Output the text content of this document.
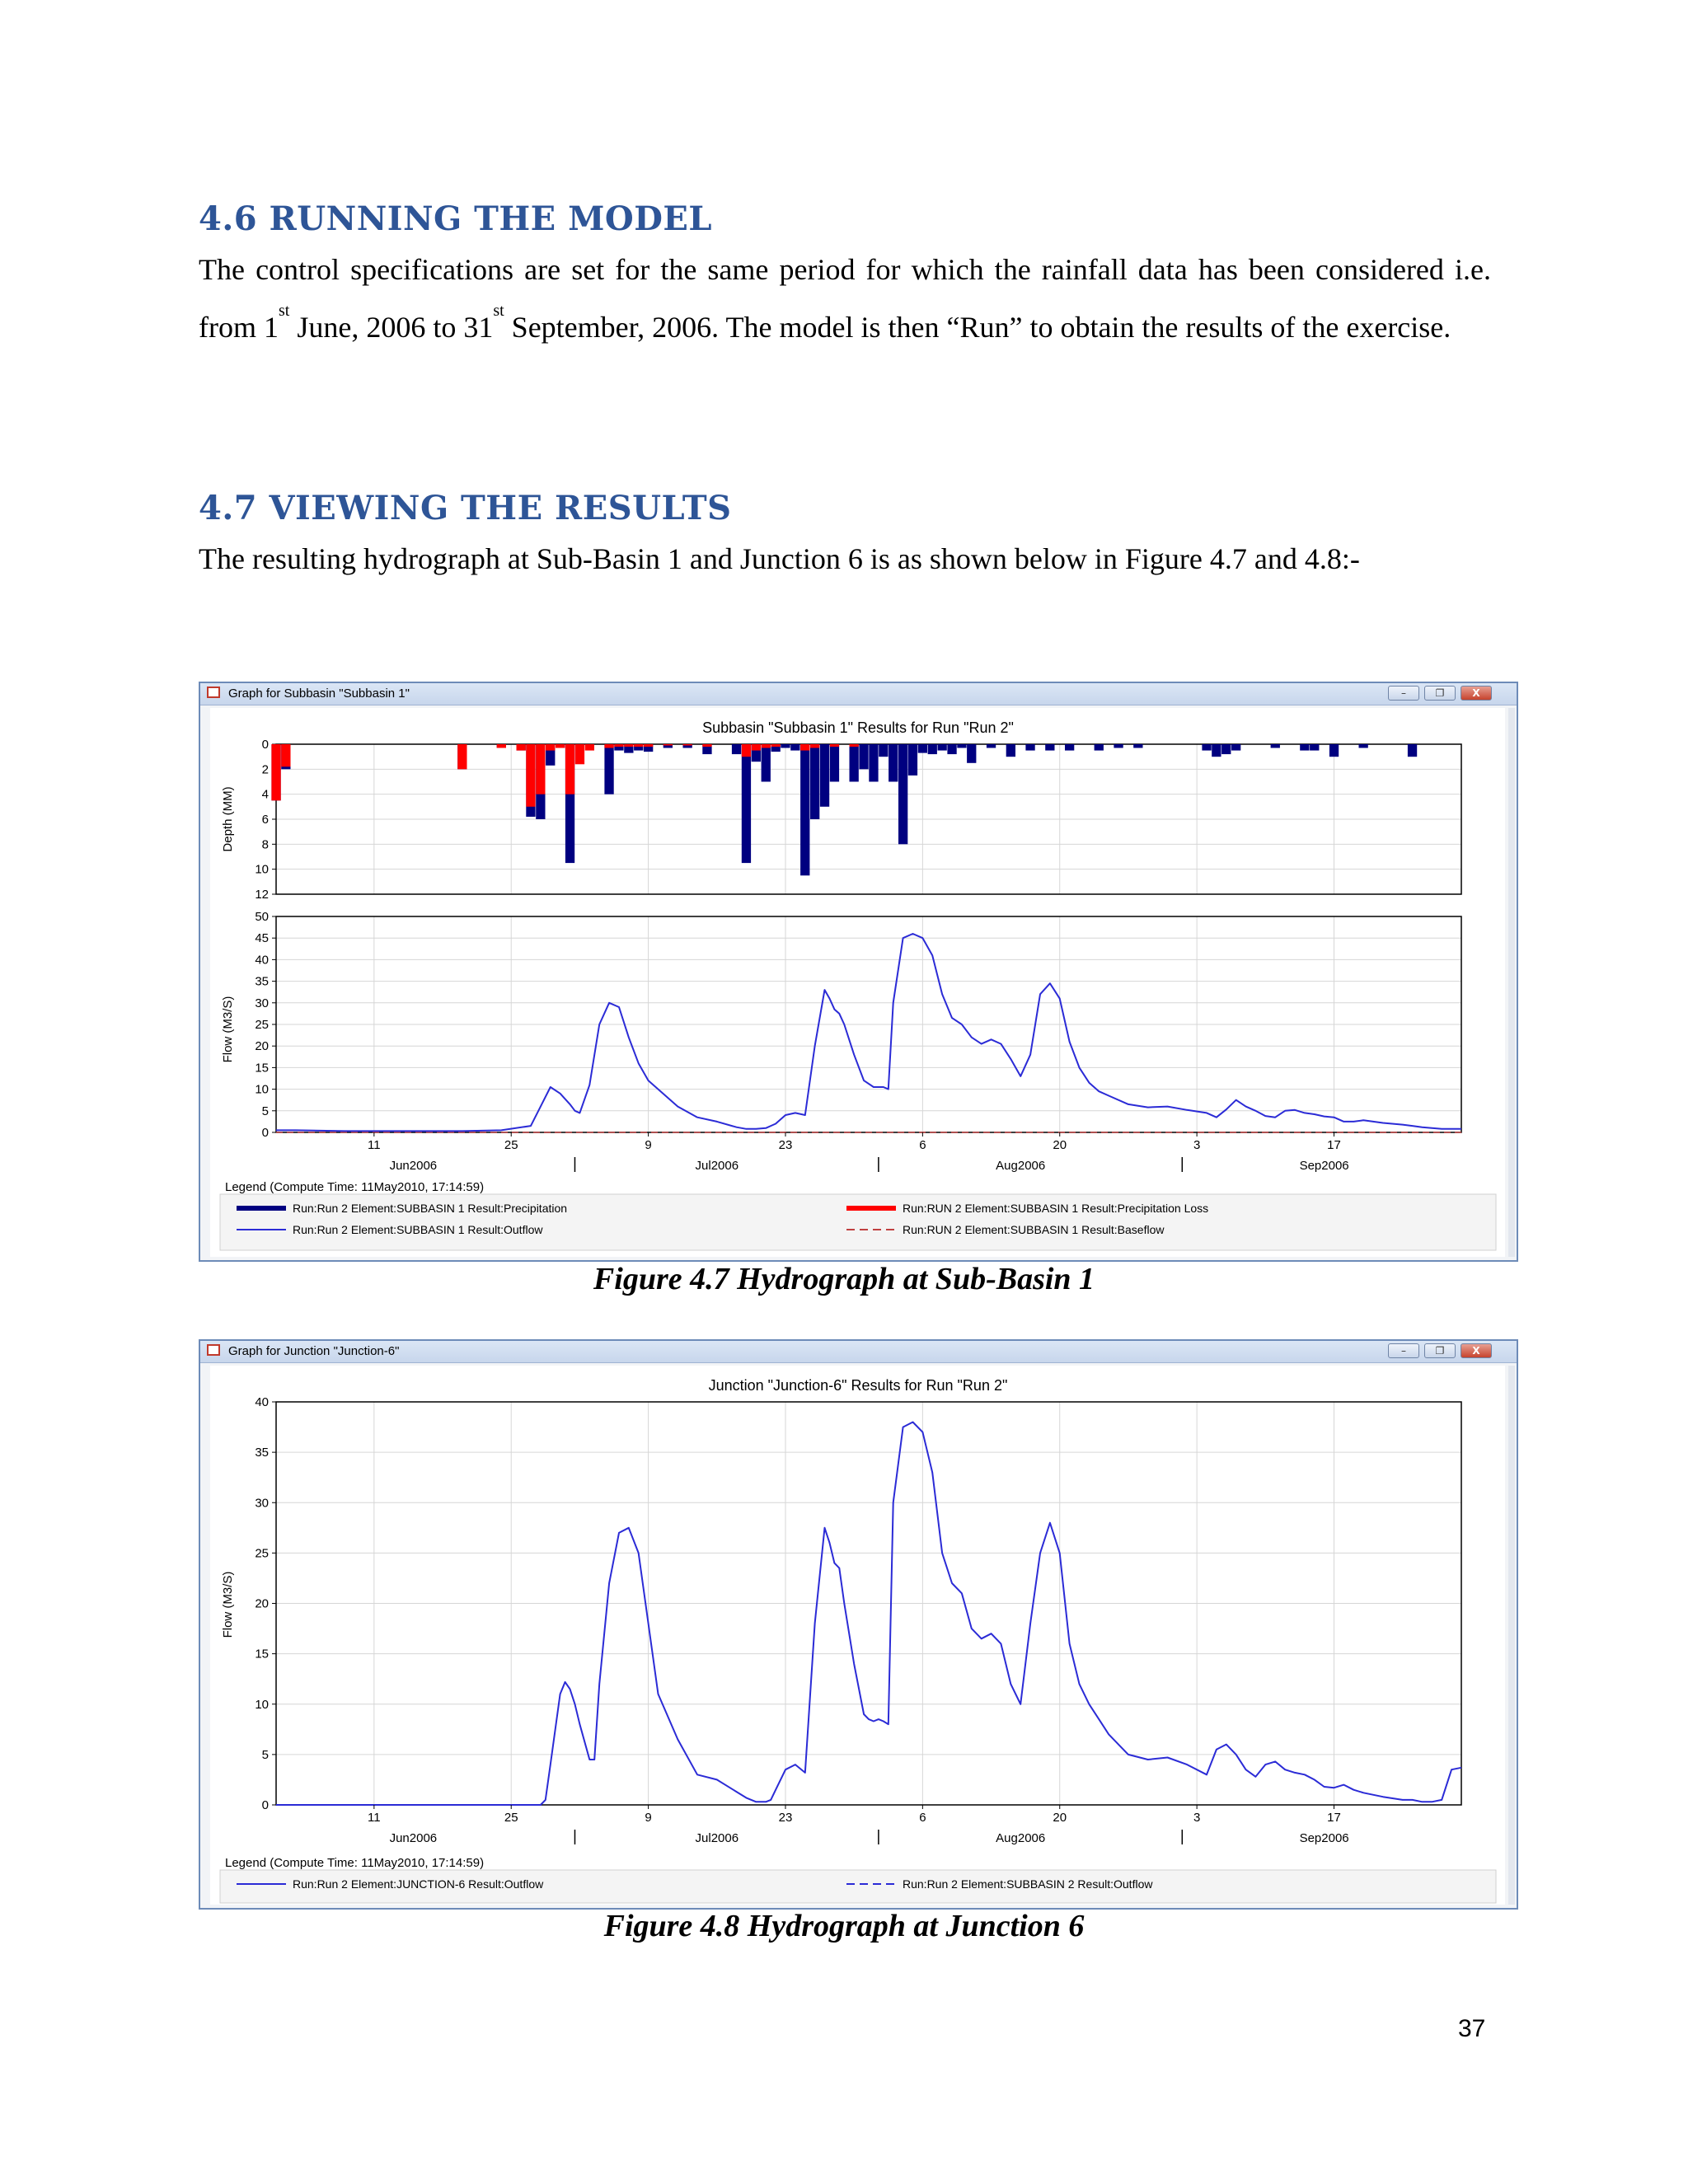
4.6 RUNNING THE MODEL

The control specifications are set for the same period for which the rainfall data has been considered i.e. from 1st June, 2006 to 31st September, 2006. The model is then “Run” to obtain the results of the exercise.

4.7 VIEWING THE RESULTS

The resulting hydrograph at Sub-Basin 1 and Junction 6 is as shown below in Figure 4.7 and 4.8:-

Graph for Subbasin "Subbasin 1"	–	❐	X
Subbasin "Subbasin 1" Results for Run "Run 2"
0
2
4
6
8
10
12
Depth (MM)
0
5
10
15
20
25
30
35
40
45
50
Flow (M3/S)
11	25	9	23	6	20	3	17
Jun2006	Jul2006	Aug2006	Sep2006
Legend (Compute Time: 11May2010, 17:14:59)
Run:Run 2 Element:SUBBASIN 1 Result:Precipitation	Run:RUN 2 Element:SUBBASIN 1 Result:Precipitation Loss
Run:Run 2 Element:SUBBASIN 1 Result:Outflow	Run:RUN 2 Element:SUBBASIN 1 Result:Baseflow
Figure 4.7 Hydrograph at Sub-Basin 1
Graph for Junction "Junction-6"	–	❐	X
Junction "Junction-6" Results for Run "Run 2"
0
5
10
15
20
25
30
35
40
Flow (M3/S)
11	25	9	23	6	20	3	17
Jun2006	Jul2006	Aug2006	Sep2006
Legend (Compute Time: 11May2010, 17:14:59)
Run:Run 2 Element:JUNCTION-6 Result:Outflow	Run:Run 2 Element:SUBBASIN 2 Result:Outflow
Figure 4.8 Hydrograph at Junction 6
37
